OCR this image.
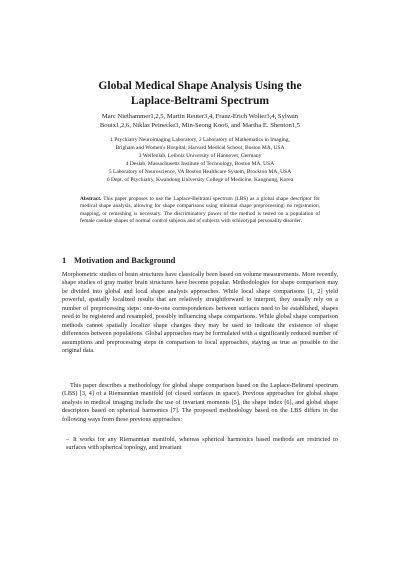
Global Medical Shape Analysis Using the
Laplace-Beltrami Spectrum
Marc Niethammer1,2,5, Martin Reuter3,4, Franz-Erich Wolter3,4, Sylvain
Bouix1,2,6, Niklas Peinecke3, Min-Seong Koo6, and Martha E. Shenton1,5
1 Psychiatry Neuroimaging Laboratory, 2 Laboratory of Mathematics in Imaging,
Brigham and Women's Hospital, Harvard Medical School, Boston MA, USA
3 Welfenlab, Leibniz University of Hannover, Germany
4 Deslab, Massachusetts Institute of Technology, Boston MA, USA
5 Laboratory of Neuroscience, VA Boston Healthcare System, Brockton MA, USA
6 Dept. of Psychiatry, Kwandong University College of Medicine, Kangnung, Korea
Abstract. This paper proposes to use the Laplace-Beltrami spectrum (LBS) as a global shape descriptor for medical shape analysis, allowing for shape comparisons using minimal shape preprocessing: no registration, mapping, or remeshing is necessary. The discriminatory power of the method is tested on a population of female caudate shapes of normal control subjects and of subjects with schizotypal personality disorder.
1 Motivation and Background

Morphometric studies of brain structures have classically been based on volume measurements. More recently, shape studies of gray matter brain structures have become popular. Methodologies for shape comparison may be divided into global and local shape analysis approaches. While local shape comparisons [1, 2] yield powerful, spatially localized results that are relatively straightforward to interpret, they usually rely on a number of preprocessing steps: one-to-one correspondences between surfaces need to be established, shapes need to be registered and resampled, possibly influencing shape comparisons. While global shape comparison methods cannot spatially localize shape changes they may be used to indicate the existence of shape differences between populations. Global approaches may be formulated with a significantly reduced number of assumptions and preprocessing steps in comparison to local approaches, staying as true as possible to the original data.

This paper describes a methodology for global shape comparison based on the Laplace-Beltrami spectrum (LBS) [3, 4] of a Riemannian manifold (of closed surfaces in space). Previous approaches for global shape analysis in medical imaging include the use of invariant moments [5], the shape index [6], and global shape descriptors based on spherical harmonics [7]. The proposed methodology based on the LBS differs in the following ways from these previous approaches:

– It works for any Riemannian manifold, whereas spherical harmonics based methods are restricted to surfaces with spherical topology, and invariant
